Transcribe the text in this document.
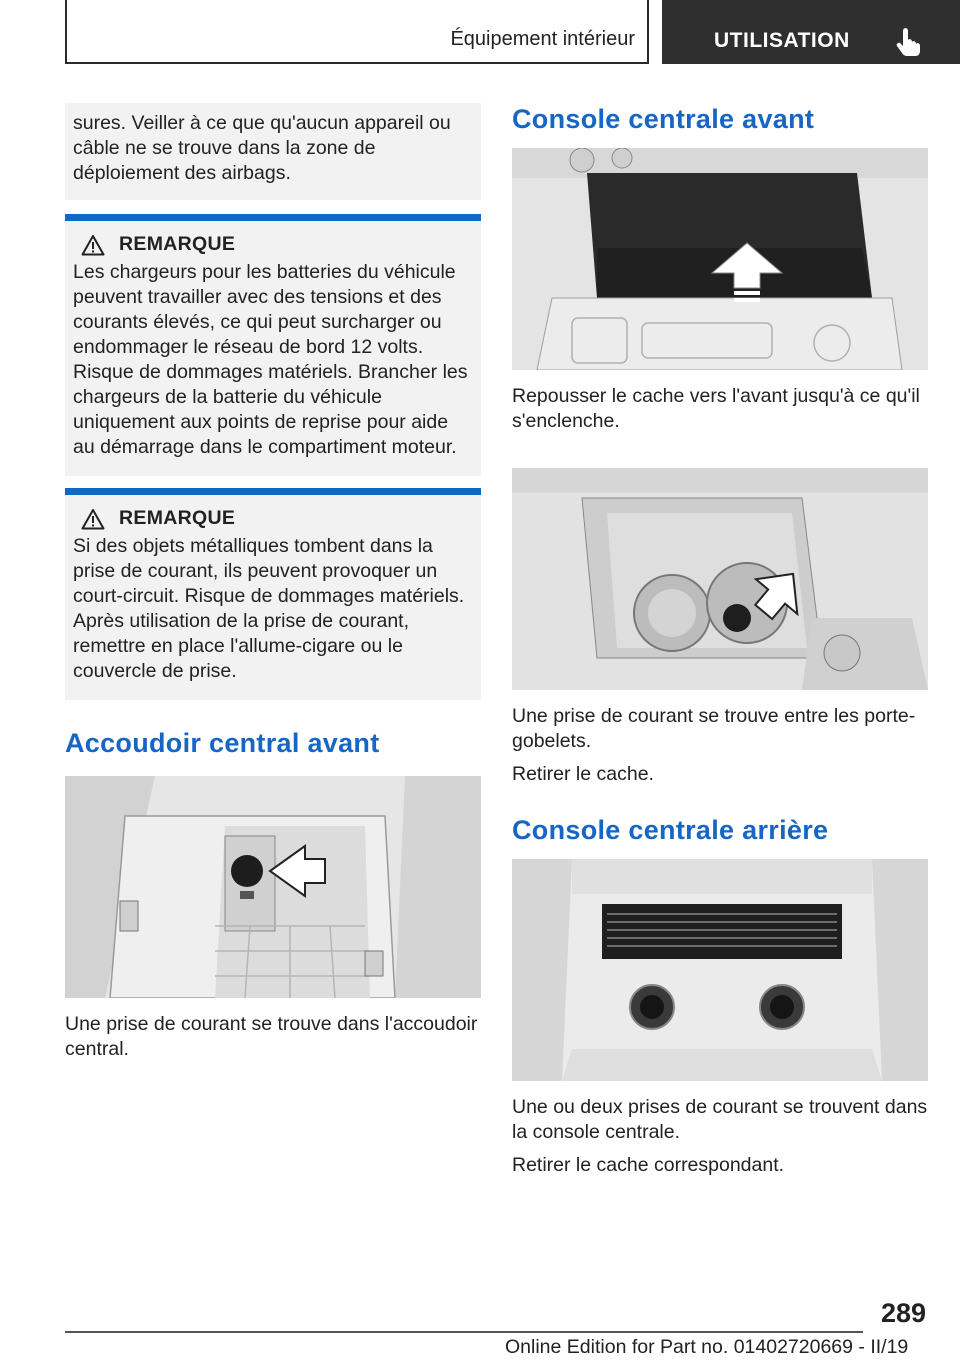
Équipement intérieur	UTILISATION

sures. Veiller à ce que qu'aucun appareil ou câble ne se trouve dans la zone de déploiement des airbags.

REMARQUE

Les chargeurs pour les batteries du véhicule peuvent travailler avec des tensions et des courants élevés, ce qui peut surcharger ou endommager le réseau de bord 12 volts. Risque de dommages matériels. Brancher les chargeurs de la batterie du véhicule uniquement aux points de reprise pour aide au démarrage dans le compartiment moteur.

REMARQUE

Si des objets métalliques tombent dans la prise de courant, ils peuvent provoquer un court-circuit. Risque de dommages matériels. Après utilisation de la prise de courant, remettre en place l'allume-cigare ou le couvercle de prise.

Accoudoir central avant

Une prise de courant se trouve dans l'accoudoir central.

Console centrale avant

Repousser le cache vers l'avant jusqu'à ce qu'il s'enclenche.

Une prise de courant se trouve entre les porte-gobelets.

Retirer le cache.

Console centrale arrière

Une ou deux prises de courant se trouvent dans la console centrale.

Retirer le cache correspondant.

289
Online Edition for Part no. 01402720669 - II/19
